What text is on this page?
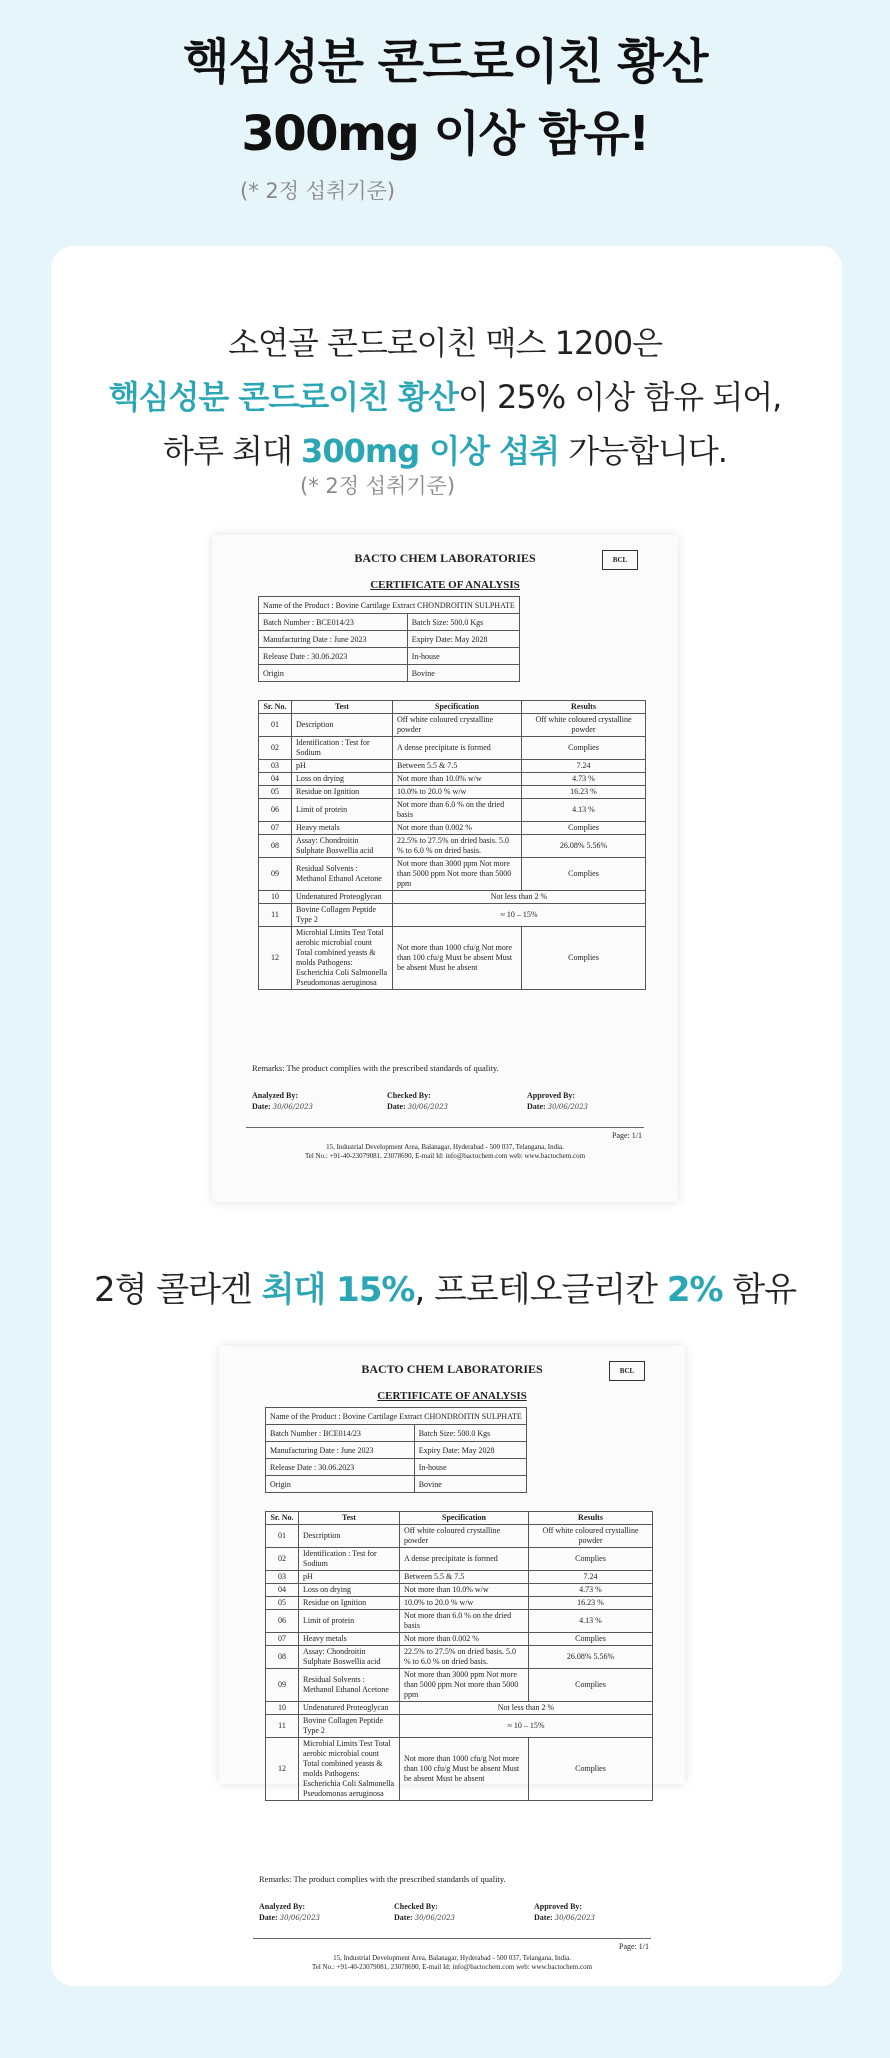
핵심성분 콘드로이친 황산
300mg 이상 함유!
(* 2정 섭취기준)
소연골 콘드로이친 맥스 1200은
핵심성분 콘드로이친 황산이 25% 이상 함유 되어,
하루 최대 300mg 이상 섭취 가능합니다.
(* 2정 섭취기준)
BACTO CHEM LABORATORIES	BCL
CERTIFICATE OF ANALYSIS
Name of the Product : Bovine Cartilage Extract CHONDROITIN SULPHATE	
Batch Number : BCE014/23	Batch Size: 500.0 Kgs
Manufacturing Date : June 2023	Expiry Date: May 2028
Release Date : 30.06.2023	In-house
Origin	Bovine
Sr. No.	Test	Specification	Results
01	Description	Off white coloured crystalline powder	Off white coloured crystalline powder
02	Identification : Test for Sodium	A dense precipitate is formed	Complies
03	pH	Between 5.5 & 7.5	7.24
04	Loss on drying	Not more than 10.0% w/w	4.73 %
05	Residue on Ignition	10.0% to 20.0 % w/w	16.23 %
06	Limit of protein	Not more than 6.0 % on the dried basis	4.13 %
07	Heavy metals	Not more than 0.002 %	Complies
08	Assay: Chondroitin Sulphate Boswellia acid	22.5% to 27.5% on dried basis. 5.0 % to 6.0 % on dried basis.	26.08% 5.56%
09	Residual Solvents : Methanol Ethanol Acetone	Not more than 3000 ppm Not more than 5000 ppm Not more than 5000 ppm	Complies
10	Undenatured Proteoglycan	Not less than 2 %	
11	Bovine Collagen Peptide Type 2	≈ 10 – 15%	
12	Microbial Limits Test Total aerobic microbial count Total combined yeasts & molds Pathogens: Escherichia Coli Salmonella Pseudomonas aeruginosa	Not more than 1000 cfu/g Not more than 100 cfu/g Must be absent Must be absent Must be absent	Complies
Remarks: The product complies with the prescribed standards of quality.
Analyzed By:
Date: 30/06/2023
Checked By:
Date: 30/06/2023
Approved By:
Date: 30/06/2023
Page: 1/1
15, Industrial Development Area, Balanagar, Hyderabad - 500 037, Telangana, India.
Tel No.: +91-40-23079081, 23078690, E-mail Id: info@bactochem.com web: www.bactochem.com
2형 콜라겐 최대 15%, 프로테오글리칸 2% 함유
BACTO CHEM LABORATORIES	BCL
CERTIFICATE OF ANALYSIS
Name of the Product : Bovine Cartilage Extract CHONDROITIN SULPHATE	
Batch Number : BCE014/23	Batch Size: 500.0 Kgs
Manufacturing Date : June 2023	Expiry Date: May 2028
Release Date : 30.06.2023	In-house
Origin	Bovine
Sr. No.	Test	Specification	Results
01	Description	Off white coloured crystalline powder	Off white coloured crystalline powder
02	Identification : Test for Sodium	A dense precipitate is formed	Complies
03	pH	Between 5.5 & 7.5	7.24
04	Loss on drying	Not more than 10.0% w/w	4.73 %
05	Residue on Ignition	10.0% to 20.0 % w/w	16.23 %
06	Limit of protein	Not more than 6.0 % on the dried basis	4.13 %
07	Heavy metals	Not more than 0.002 %	Complies
08	Assay: Chondroitin Sulphate Boswellia acid	22.5% to 27.5% on dried basis. 5.0 % to 6.0 % on dried basis.	26.08% 5.56%
09	Residual Solvents : Methanol Ethanol Acetone	Not more than 3000 ppm Not more than 5000 ppm Not more than 5000 ppm	Complies
10	Undenatured Proteoglycan	Not less than 2 %	
11	Bovine Collagen Peptide Type 2	≈ 10 – 15%	
12	Microbial Limits Test Total aerobic microbial count Total combined yeasts & molds Pathogens: Escherichia Coli Salmonella Pseudomonas aeruginosa	Not more than 1000 cfu/g Not more than 100 cfu/g Must be absent Must be absent Must be absent	Complies
Remarks: The product complies with the prescribed standards of quality.
Analyzed By:
Date: 30/06/2023
Checked By:
Date: 30/06/2023
Approved By:
Date: 30/06/2023
Page: 1/1
15, Industrial Development Area, Balanagar, Hyderabad - 500 037, Telangana, India.
Tel No.: +91-40-23079081, 23078690, E-mail Id: info@bactochem.com web: www.bactochem.com
